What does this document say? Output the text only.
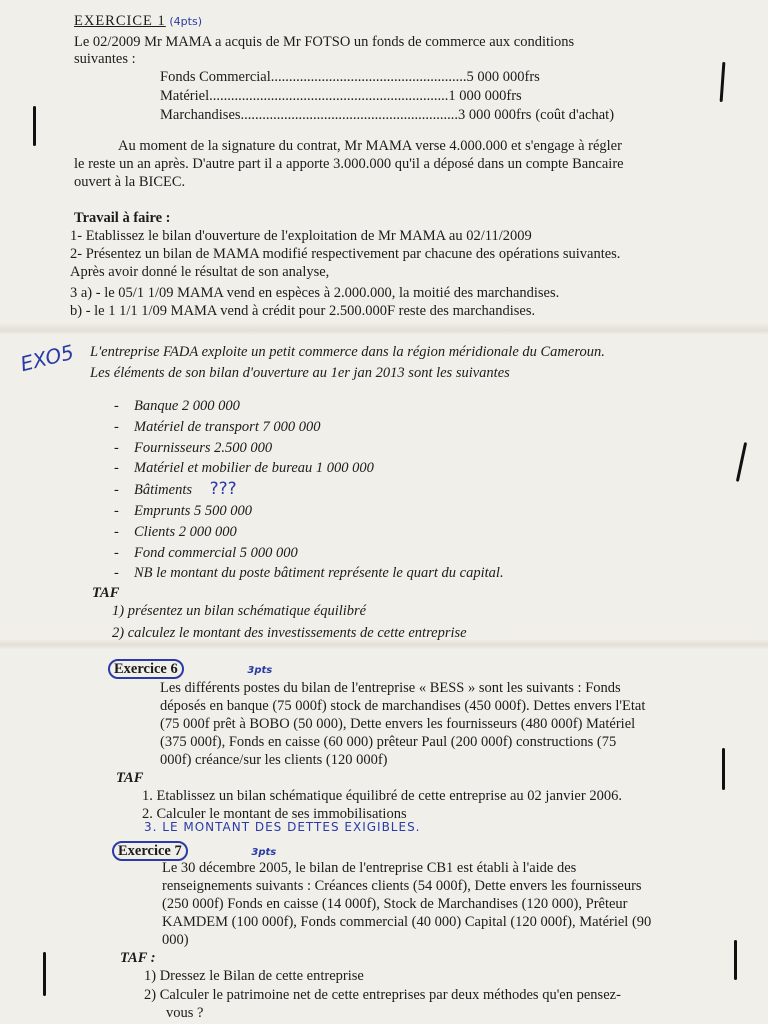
EXERCICE 1 (4pts)
Le 02/2009 Mr MAMA a acquis de Mr FOTSO un fonds de commerce aux conditions
suivantes :
Fonds Commercial ...................................................... 5 000 000frs
Matériel .................................................................. 1 000 000frs
Marchandises ............................................................ 3 000 000frs (coût d'achat)
Au moment de la signature du contrat, Mr MAMA verse 4.000.000 et s'engage à régler
le reste un an après. D'autre part il a apporte 3.000.000 qu'il a déposé dans un compte Bancaire
ouvert à la BICEC.
Travail à faire :
1- Etablissez le bilan d'ouverture de l'exploitation de Mr MAMA au 02/11/2009
2- Présentez un bilan de MAMA modifié respectivement par chacune des opérations suivantes.
Après avoir donné le résultat de son analyse,
3 a) - le 05/1 1/09 MAMA vend en espèces à 2.000.000, la moitié des marchandises.
b) - le 1 1/1 1/09 MAMA vend à crédit pour 2.500.000F reste des marchandises.
EXO5 L'entreprise FADA exploite un petit commerce dans la région méridionale du Cameroun.
Les éléments de son bilan d'ouverture au 1er jan 2013 sont les suivantes
- Banque 2 000 000
- Matériel de transport 7 000 000
- Fournisseurs 2.500 000
- Matériel et mobilier de bureau 1 000 000
- Bâtiments ???
- Emprunts 5 500 000
- Clients 2 000 000
- Fond commercial 5 000 000
- NB le montant du poste bâtiment représente le quart du capital.
TAF
1) présentez un bilan schématique équilibré
2) calculez le montant des investissements de cette entreprise
Exercice 6	3pts
Les différents postes du bilan de l'entreprise « BESS » sont les suivants : Fonds
déposés en banque (75 000f) stock de marchandises (450 000f). Dettes envers l'Etat
(75 000f prêt à BOBO (50 000), Dette envers les fournisseurs (480 000f) Matériel
(375 000f), Fonds en caisse (60 000) prêteur Paul (200 000f) constructions (75
000f) créance/sur les clients (120 000f)
TAF
1. Etablissez un bilan schématique équilibré de cette entreprise au 02 janvier 2006.
2. Calculer le montant de ses immobilisations
3. LE MONTANT DES DETTES EXIGIBLES.
Exercice 7	3pts
Le 30 décembre 2005, le bilan de l'entreprise CB1 est établi à l'aide des
renseignements suivants : Créances clients (54 000f), Dette envers les fournisseurs
(250 000f) Fonds en caisse (14 000f), Stock de Marchandises (120 000), Prêteur
KAMDEM (100 000f), Fonds commercial (40 000) Capital (120 000f), Matériel (90
000)
TAF :
1) Dressez le Bilan de cette entreprise
2) Calculer le patrimoine net de cette entreprises par deux méthodes qu'en pensez-
vous ?
